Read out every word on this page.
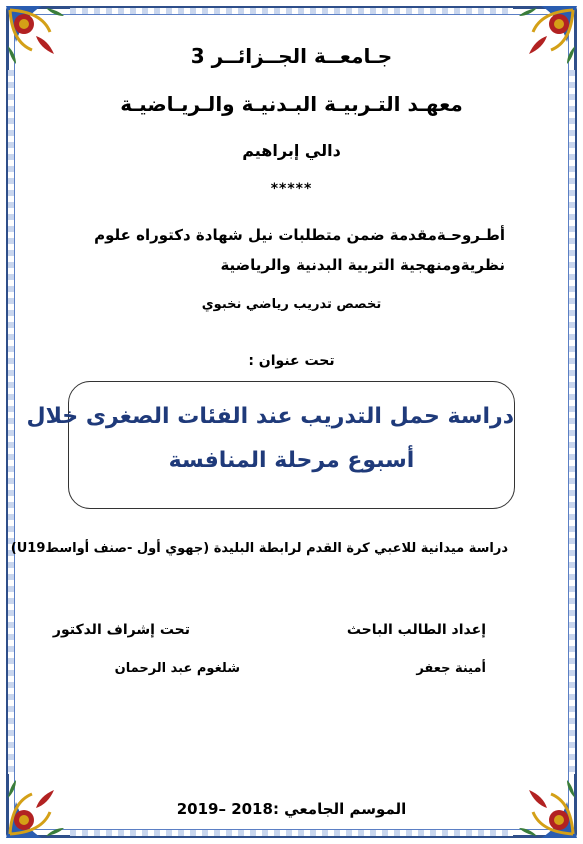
جـامعــة الجــزائــر 3
معهـد التـربيـة البـدنيـة والـريـاضيـة
دالي إبراهيم
*****
أطـروحـةمقدمة ضمن متطلبات نيل شهادة دكتوراه علوم
نظريةومنهجية التربية البدنية والرياضية
تخصص تدريب رياضي نخبوي
تحت عنوان :
دراسة حمل التدريب عند الفئات الصغرى خلال
أسبوع مرحلة المنافسة
دراسة ميدانية للاعبي كرة القدم لرابطة البليدة (جهوي أول -صنف أواسطU19)
إعداد الطالب الباحث
تحت إشراف الدكتور
أمينة جعفر
شلغوم عبد الرحمان
الموسم الجامعي :2018 –2019
